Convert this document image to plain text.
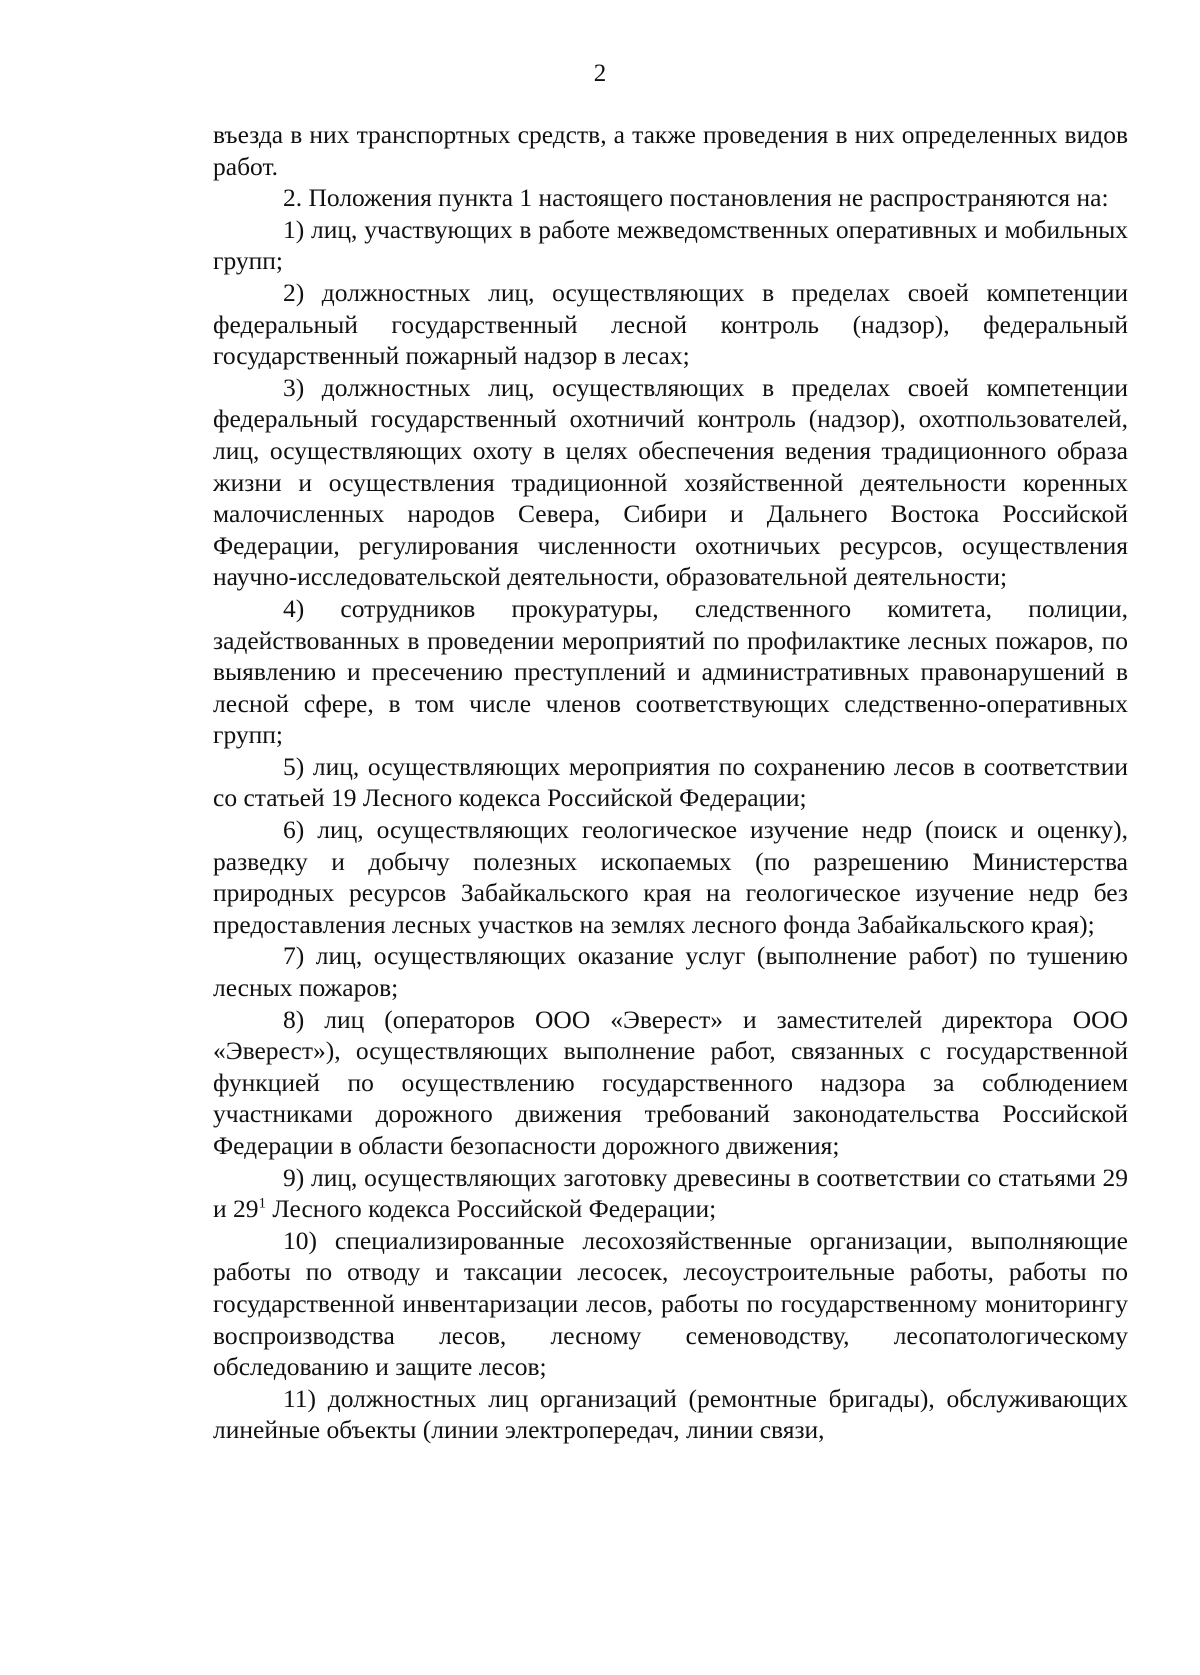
2

въезда в них транспортных средств, а также проведения в них определенных видов работ.

2. Положения пункта 1 настоящего постановления не распространяются на:

1) лиц, участвующих в работе межведомственных оперативных и мобильных групп;

2) должностных лиц, осуществляющих в пределах своей компетенции федеральный государственный лесной контроль (надзор), федеральный государственный пожарный надзор в лесах;

3) должностных лиц, осуществляющих в пределах своей компетенции федеральный государственный охотничий контроль (надзор), охотпользователей, лиц, осуществляющих охоту в целях обеспечения ведения традиционного образа жизни и осуществления традиционной хозяйственной деятельности коренных малочисленных народов Севера, Сибири и Дальнего Востока Российской Федерации, регулирования численности охотничьих ресурсов, осуществления научно-исследовательской деятельности, образовательной деятельности;

4) сотрудников прокуратуры, следственного комитета, полиции, задействованных в проведении мероприятий по профилактике лесных пожаров, по выявлению и пресечению преступлений и административных правонарушений в лесной сфере, в том числе членов соответствующих следственно-оперативных групп;

5) лиц, осуществляющих мероприятия по сохранению лесов в соответствии со статьей 19 Лесного кодекса Российской Федерации;

6) лиц, осуществляющих геологическое изучение недр (поиск и оценку), разведку и добычу полезных ископаемых (по разрешению Министерства природных ресурсов Забайкальского края на геологическое изучение недр без предоставления лесных участков на землях лесного фонда Забайкальского края);

7) лиц, осуществляющих оказание услуг (выполнение работ) по тушению лесных пожаров;

8) лиц (операторов ООО «Эверест» и заместителей директора ООО «Эверест»), осуществляющих выполнение работ, связанных с государственной функцией по осуществлению государственного надзора за соблюдением участниками дорожного движения требований законодательства Российской Федерации в области безопасности дорожного движения;

9) лиц, осуществляющих заготовку древесины в соответствии со статьями 29 и $29^1$ Лесного кодекса Российской Федерации;

10) специализированные лесохозяйственные организации, выполняющие работы по отводу и таксации лесосек, лесоустроительные работы, работы по государственной инвентаризации лесов, работы по государственному мониторингу воспроизводства лесов, лесному семеноводству, лесопатологическому обследованию и защите лесов;

11) должностных лиц организаций (ремонтные бригады), обслуживающих линейные объекты (линии электропередач, линии связи,
